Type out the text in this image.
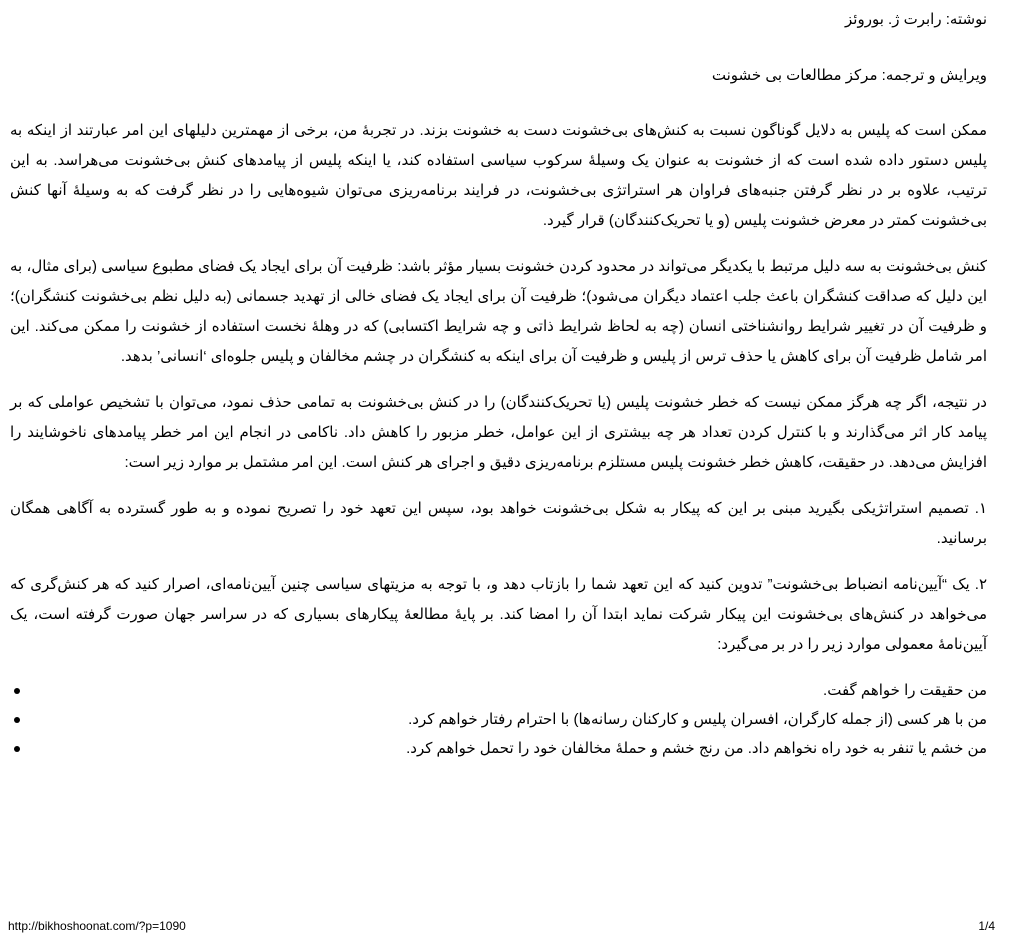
نوشته: رابرت ژ. بوروئز

ویرایش و ترجمه: مرکز مطالعات بی خشونت

ممکن است که پلیس به دلایل گوناگون نسبت به کنش‌های بی‌خشونت دست به خشونت بزند. در تجربهٔ من، برخی از مهمترین دلیلهای این امر عبارتند از اینکه به پلیس دستور داده شده است که از خشونت به عنوان یک وسیلهٔ سرکوب سیاسی استفاده کند، یا اینکه پلیس از پیامدهای کنش بی‌خشونت می‌هراسد. به این ترتیب، علاوه بر در نظر گرفتن جنبه‌های فراوان هر استراتژی بی‌خشونت، در فرایند برنامه‌ریزی می‌توان شیوه‌هایی را در نظر گرفت که به وسیلهٔ آنها کنش بی‌خشونت کمتر در معرض خشونت پلیس (و یا تحریک‌کنندگان) قرار گیرد.

کنش بی‌خشونت به سه دلیل مرتبط با یکدیگر می‌تواند در محدود کردن خشونت بسیار مؤثر باشد: ظرفیت آن برای ایجاد یک فضای مطبوع سیاسی (برای مثال، به این دلیل که صداقت کنشگران باعث جلب اعتماد دیگران می‌شود)؛ ظرفیت آن برای ایجاد یک فضای خالی از تهدید جسمانی (به دلیل نظم بی‌خشونت کنشگران)؛ و ظرفیت آن در تغییر شرایط روانشناختی انسان (چه به لحاظ شرایط ذاتی و چه شرایط اکتسابی) که در وهلهٔ نخست استفاده از خشونت را ممکن می‌کند. این امر شامل ظرفیت آن برای کاهش یا حذف ترس از پلیس و ظرفیت آن برای اینکه به کنشگران در چشم مخالفان و پلیس جلوه‌ای ‘انسانی’ بدهد.

در نتیجه، اگر چه هرگز ممکن نیست که خطر خشونت پلیس (یا تحریک‌کنندگان) را در کنش بی‌خشونت به تمامی حذف نمود، می‌توان با تشخیص عواملی که بر پیامد کار اثر می‌گذارند و با کنترل کردن تعداد هر چه بیشتری از این عوامل، خطر مزبور را کاهش داد. ناکامی در انجام این امر خطر پیامدهای ناخوشایند را افزایش می‌دهد. در حقیقت، کاهش خطر خشونت پلیس مستلزم برنامه‌ریزی دقیق و اجرای هر کنش است. این امر مشتمل بر موارد زیر است:

۱. تصمیم استراتژیکی بگیرید مبنی بر این که پیکار به شکل بی‌خشونت خواهد بود، سپس این تعهد خود را تصریح نموده و به طور گسترده به آگاهی همگان برسانید.

۲. یک “آیین‌نامه انضباط بی‌خشونت” تدوین کنید که این تعهد شما را بازتاب دهد و، با توجه به مزیتهای سیاسی چنین آیین‌نامه‌ای، اصرار کنید که هر کنش‌گری که می‌خواهد در کنش‌های بی‌خشونت این پیکار شرکت نماید ابتدا آن را امضا کند. بر پایهٔ مطالعهٔ پیکارهای بسیاری که در سراسر جهان صورت گرفته است، یک آیین‌نامهٔ معمولی موارد زیر را در بر می‌گیرد:

من حقیقت را خواهم گفت.
من با هر کسی (از جمله کارگران، افسران پلیس و کارکنان رسانه‌ها) با احترام رفتار خواهم کرد.
من خشم یا تنفر به خود راه نخواهم داد. من رنج خشم و حملهٔ مخالفان خود را تحمل خواهم کرد.
http://bikhoshoonat.com/?p=1090	1/4
